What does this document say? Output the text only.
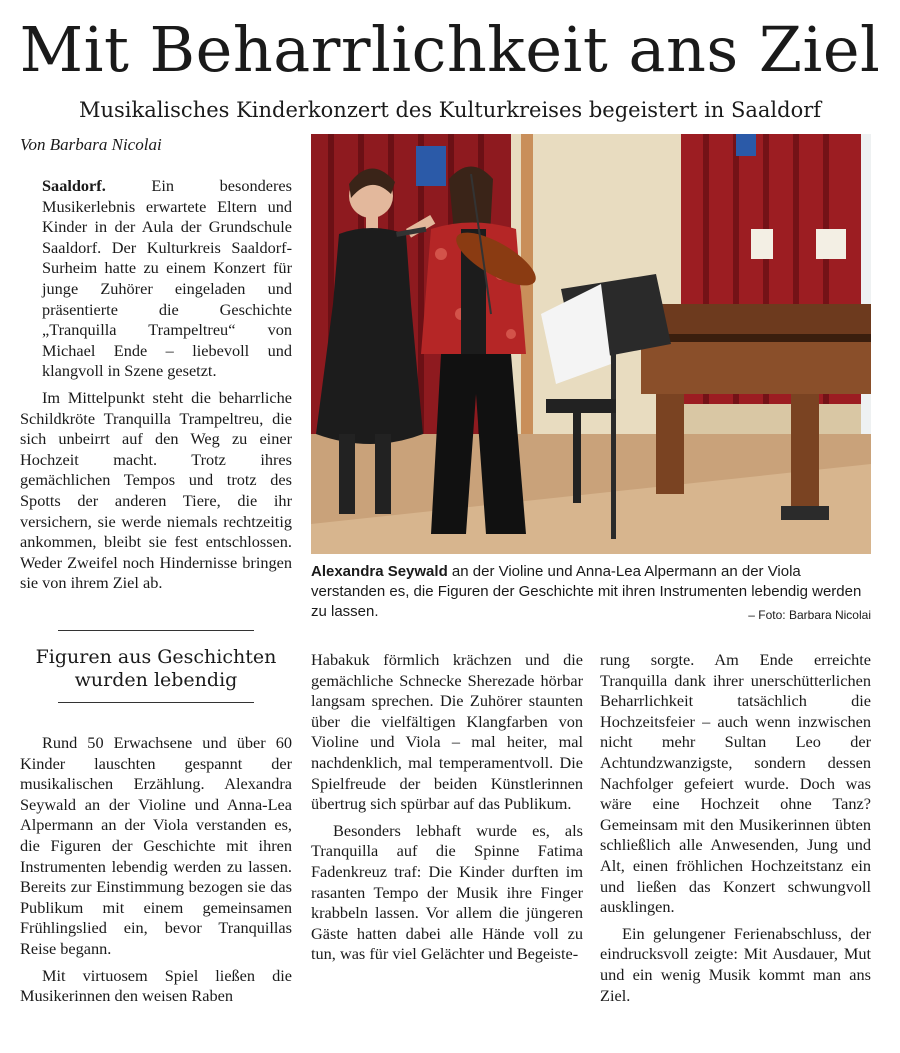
Mit Beharrlichkeit ans Ziel
Musikalisches Kinderkonzert des Kulturkreises begeistert in Saaldorf
Von Barbara Nicolai

Saaldorf.	Ein besonderes Musikerlebnis erwartete Eltern und Kinder in der Aula der Grundschule Saaldorf. Der Kulturkreis Saaldorf-Surheim hatte zu einem Konzert für junge Zuhörer eingeladen und präsentierte die Geschichte „Tranquilla Trampeltreu“ von Michael Ende – liebevoll und klangvoll in Szene gesetzt.

Im Mittelpunkt steht die beharrliche Schildkröte Tranquilla Trampeltreu, die sich unbeirrt auf den Weg zu einer Hochzeit macht. Trotz ihres gemächlichen Tempos und trotz des Spotts der anderen Tiere, die ihr versichern, sie werde niemals rechtzeitig ankommen, bleibt sie fest entschlossen. Weder Zweifel noch Hindernisse bringen sie von ihrem Ziel ab.

Alexandra Seywald an der Violine und Anna-Lea Alpermann an der Viola verstanden es, die Figuren der Geschichte mit ihren Instrumenten lebendig werden zu lassen.	– Foto: Barbara Nicolai
Figuren aus Geschichten
wurden lebendig

Rund 50 Erwachsene und über 60 Kinder lauschten gespannt der musikalischen Erzählung. Alexandra Seywald an der Violine und Anna-Lea Alpermann an der Viola verstanden es, die Figuren der Geschichte mit ihren Instrumenten lebendig werden zu lassen. Bereits zur Einstimmung bezogen sie das Publikum mit einem gemeinsamen Frühlingslied ein, bevor Tranquillas Reise begann.

Mit virtuosem Spiel ließen die Musikerinnen den weisen Raben

Habakuk förmlich krächzen und die gemächliche Schnecke Sherezade hörbar langsam sprechen. Die Zuhörer staunten über die vielfältigen Klangfarben von Violine und Viola – mal heiter, mal nachdenklich, mal temperamentvoll. Die Spielfreude der beiden Künstlerinnen übertrug sich spürbar auf das Publikum.

Besonders lebhaft wurde es, als Tranquilla auf die Spinne Fatima Fadenkreuz traf: Die Kinder durften im rasanten Tempo der Musik ihre Finger krabbeln lassen. Vor allem die jüngeren Gäste hatten dabei alle Hände voll zu tun, was für viel Gelächter und Begeiste-

rung sorgte. Am Ende erreichte Tranquilla dank ihrer unerschütterlichen Beharrlichkeit tatsächlich die Hochzeitsfeier – auch wenn inzwischen nicht mehr Sultan Leo der Achtundzwanzigste, sondern dessen Nachfolger gefeiert wurde. Doch was wäre eine Hochzeit ohne Tanz? Gemeinsam mit den Musikerinnen übten schließlich alle Anwesenden, Jung und Alt, einen fröhlichen Hochzeitstanz ein und ließen das Konzert schwungvoll ausklingen.

Ein gelungener Ferienabschluss, der eindrucksvoll zeigte: Mit Ausdauer, Mut und ein wenig Musik kommt man ans Ziel.
